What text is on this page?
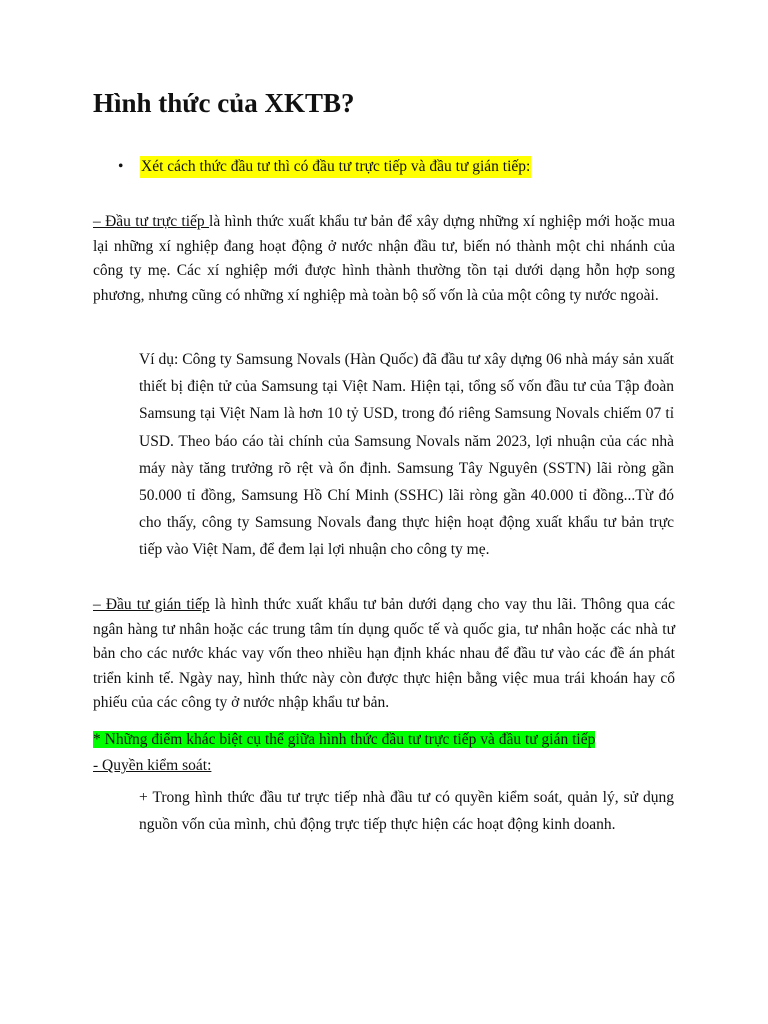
Hình thức của XKTB?
•	Xét cách thức đầu tư thì có đầu tư trực tiếp và đầu tư gián tiếp:

– Đầu tư trực tiếp là hình thức xuất khẩu tư bản để xây dựng những xí nghiệp mới hoặc mua lại những xí nghiệp đang hoạt động ở nước nhận đầu tư, biến nó thành một chi nhánh của công ty mẹ. Các xí nghiệp mới được hình thành thường tồn tại dưới dạng hỗn hợp song phương, nhưng cũng có những xí nghiệp mà toàn bộ số vốn là của một công ty nước ngoài.

Ví dụ: Công ty Samsung Novals (Hàn Quốc) đã đầu tư xây dựng 06 nhà máy sản xuất thiết bị điện tử của Samsung tại Việt Nam. Hiện tại, tổng số vốn đầu tư của Tập đoàn Samsung tại Việt Nam là hơn 10 tỷ USD, trong đó riêng Samsung Novals chiếm 07 tỉ USD. Theo báo cáo tài chính của Samsung Novals năm 2023, lợi nhuận của các nhà máy này tăng trưởng rõ rệt và ổn định. Samsung Tây Nguyên (SSTN) lãi ròng gần 50.000 tỉ đồng, Samsung Hồ Chí Minh (SSHC) lãi ròng gần 40.000 tỉ đồng...Từ đó cho thấy, công ty Samsung Novals đang thực hiện hoạt động xuất khẩu tư bản trực tiếp vào Việt Nam, để đem lại lợi nhuận cho công ty mẹ.

– Đầu tư gián tiếp là hình thức xuất khẩu tư bản dưới dạng cho vay thu lãi. Thông qua các ngân hàng tư nhân hoặc các trung tâm tín dụng quốc tế và quốc gia, tư nhân hoặc các nhà tư bản cho các nước khác vay vốn theo nhiều hạn định khác nhau để đầu tư vào các đề án phát triển kinh tế. Ngày nay, hình thức này còn được thực hiện bằng việc mua trái khoán hay cổ phiếu của các công ty ở nước nhập khẩu tư bản.

* Những điểm khác biệt cụ thể giữa hình thức đầu tư trực tiếp và đầu tư gián tiếp
- Quyền kiểm soát:

+ Trong hình thức đầu tư trực tiếp nhà đầu tư có quyền kiểm soát, quản lý, sử dụng nguồn vốn của mình, chủ động trực tiếp thực hiện các hoạt động kinh doanh.
